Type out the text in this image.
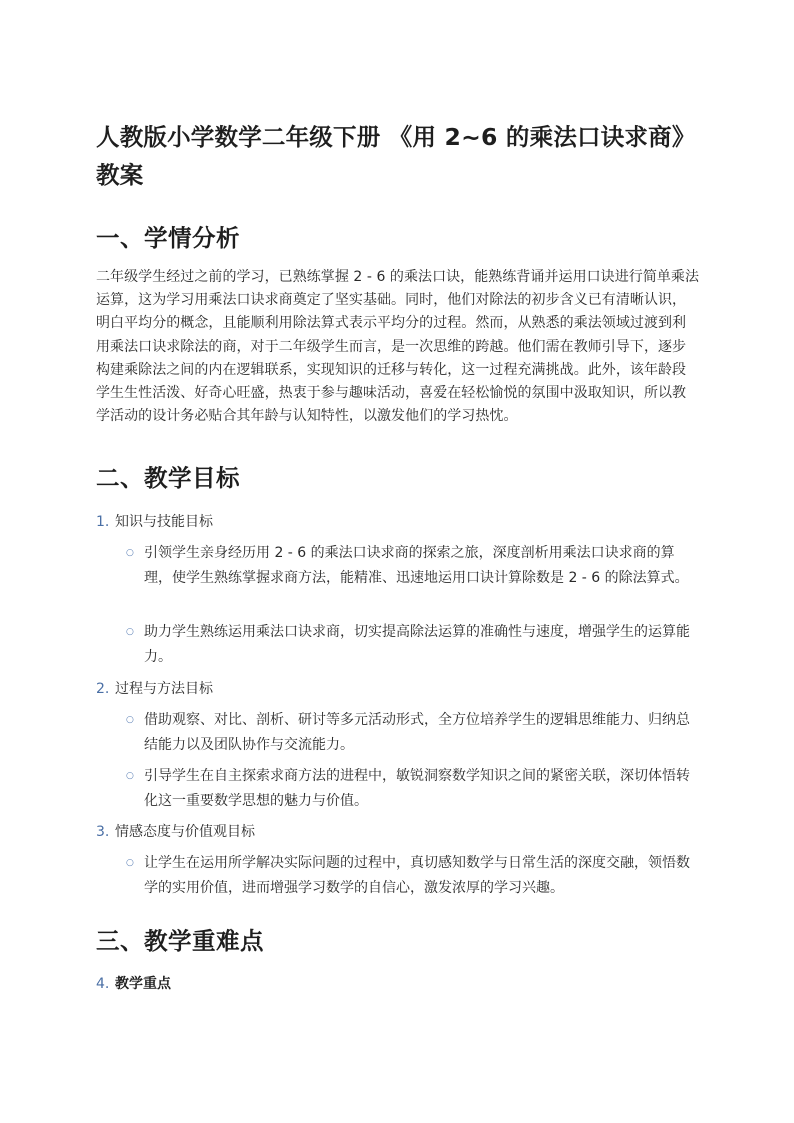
人教版小学数学二年级下册 《用 2~6 的乘法口诀求商》教案
一、学情分析

二年级学生经过之前的学习，已熟练掌握 2 - 6 的乘法口诀，能熟练背诵并运用口诀进行简单乘法运算，这为学习用乘法口诀求商奠定了坚实基础。同时，他们对除法的初步含义已有清晰认识，明白平均分的概念，且能顺利用除法算式表示平均分的过程。然而，从熟悉的乘法领域过渡到利用乘法口诀求除法的商，对于二年级学生而言，是一次思维的跨越。他们需在教师引导下，逐步构建乘除法之间的内在逻辑联系，实现知识的迁移与转化，这一过程充满挑战。此外，该年龄段学生生性活泼、好奇心旺盛，热衷于参与趣味活动，喜爱在轻松愉悦的氛围中汲取知识，所以教学活动的设计务必贴合其年龄与认知特性，以激发他们的学习热忱。

二、教学目标
1. 知识与技能目标
○ 引领学生亲身经历用 2 - 6 的乘法口诀求商的探索之旅，深度剖析用乘法口诀求商的算理，使学生熟练掌握求商方法，能精准、迅速地运用口诀计算除数是 2 - 6 的除法算式。
○ 助力学生熟练运用乘法口诀求商，切实提高除法运算的准确性与速度，增强学生的运算能力。
2. 过程与方法目标
○ 借助观察、对比、剖析、研讨等多元活动形式，全方位培养学生的逻辑思维能力、归纳总结能力以及团队协作与交流能力。
○ 引导学生在自主探索求商方法的进程中，敏锐洞察数学知识之间的紧密关联，深切体悟转化这一重要数学思想的魅力与价值。
3. 情感态度与价值观目标
○ 让学生在运用所学解决实际问题的过程中，真切感知数学与日常生活的深度交融，领悟数学的实用价值，进而增强学习数学的自信心，激发浓厚的学习兴趣。
三、教学重难点
4. 教学重点
